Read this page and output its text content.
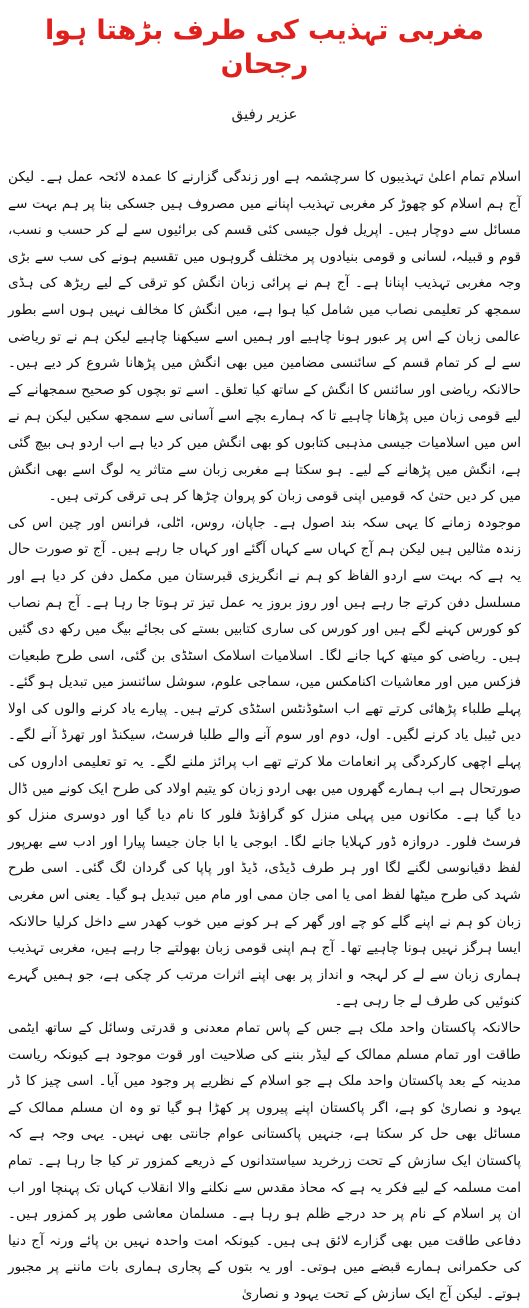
مغربی تہذیب کی طرف بڑھتا ہوا رجحان
عزیر رفیق

اسلام تمام اعلیٰ تہذیبوں کا سرچشمہ ہے اور زندگی گزارنے کا عمدہ لائحہ عمل ہے۔ لیکن آج ہم اسلام کو چھوڑ کر مغربی تہذیب اپنانے میں مصروف ہیں جسکی بنا پر ہم بہت سے مسائل سے دوچار ہیں۔ اپریل فول جیسی کئی قسم کی برائیوں سے لے کر حسب و نسب، قوم و قبیلہ، لسانی و قومی بنیادوں پر مختلف گروہوں میں تقسیم ہونے کی سب سے بڑی وجہ مغربی تہذیب اپنانا ہے۔ آج ہم نے پرائی زبان انگش کو ترقی کے لیے ریڑھ کی ہڈی سمجھ کر تعلیمی نصاب میں شامل کیا ہوا ہے، میں انگش کا مخالف نہیں ہوں اسے بطور عالمی زبان کے اس پر عبور ہونا چاہیے اور ہمیں اسے سیکھنا چاہیے لیکن ہم نے تو ریاضی سے لے کر تمام قسم کے سائنسی مضامین میں بھی انگش میں پڑھانا شروع کر دیے ہیں۔ حالانکہ ریاضی اور سائنس کا انگش کے ساتھ کیا تعلق۔ اسے تو بچوں کو صحیح سمجھانے کے لیے قومی زبان میں پڑھانا چاہیے تا کہ ہمارے بچے اسے آسانی سے سمجھ سکیں لیکن ہم نے اس میں اسلامیات جیسی مذہبی کتابوں کو بھی انگش میں کر دیا ہے اب اردو ہی بیچ گئی ہے، انگش میں پڑھانے کے لیے۔ ہو سکتا ہے مغربی زبان سے متاثر یہ لوگ اسے بھی انگش میں کر دیں حتیٰ کہ قومیں اپنی قومی زبان کو پروان چڑھا کر ہی ترقی کرتی ہیں۔

موجودہ زمانے کا یہی سکہ بند اصول ہے۔ جاپان، روس، اٹلی، فرانس اور چین اس کی زندہ مثالیں ہیں لیکن ہم آج کہاں سے کہاں آگئے اور کہاں جا رہے ہیں۔ آج تو صورت حال یہ ہے کہ بہت سے اردو الفاظ کو ہم نے انگریزی قبرستان میں مکمل دفن کر دیا ہے اور مسلسل دفن کرتے جا رہے ہیں اور روز بروز یہ عمل تیز تر ہوتا جا رہا ہے۔ آج ہم نصاب کو کورس کہنے لگے ہیں اور کورس کی ساری کتابیں بستے کی بجائے بیگ میں رکھ دی گئیں ہیں۔ ریاضی کو میتھ کہا جانے لگا۔ اسلامیات اسلامک اسٹڈی بن گئی، اسی طرح طبعیات فزکس میں اور معاشیات اکنامکس میں، سماجی علوم، سوشل سائنسز میں تبدیل ہو گئے۔ پہلے طلباء پڑھائی کرتے تھے اب اسٹوڈنٹس اسٹڈی کرتے ہیں۔ پیارے یاد کرنے والوں کی اولا دیں ٹیبل یاد کرنے لگیں۔ اول، دوم اور سوم آنے والے طلبا فرسٹ، سیکنڈ اور تھرڈ آنے لگے۔ پہلے اچھی کارکردگی پر انعامات ملا کرتے تھے اب پرائز ملنے لگے۔ یہ تو تعلیمی اداروں کی صورتحال ہے اب ہمارے گھروں میں بھی اردو زبان کو یتیم اولاد کی طرح ایک کونے میں ڈال دیا گیا ہے۔ مکانوں میں پہلی منزل کو گراؤنڈ فلور کا نام دیا گیا اور دوسری منزل کو فرسٹ فلور۔ دروازہ ڈور کہلایا جانے لگا۔ ابوجی یا ابا جان جیسا پیارا اور ادب سے بھرپور لفظ دقیانوسی لگنے لگا اور ہر طرف ڈیڈی، ڈیڈ اور پاپا کی گردان لگ گئی۔ اسی طرح شہد کی طرح میٹھا لفظ امی یا امی جان ممی اور مام میں تبدیل ہو گیا۔ یعنی اس مغربی زبان کو ہم نے اپنے گلے کو چے اور گھر کے ہر کونے میں خوب کھدر سے داخل کرلیا حالانکہ ایسا ہرگز نہیں ہونا چاہیے تھا۔ آج ہم اپنی قومی زبان بھولتے جا رہے ہیں، مغربی تہذیب ہماری زبان سے لے کر لہجہ و انداز پر بھی اپنے اثرات مرتب کر چکی ہے، جو ہمیں گہرے کنوئیں کی طرف لے جا رہی ہے۔

حالانکہ پاکستان واحد ملک ہے جس کے پاس تمام معدنی و قدرتی وسائل کے ساتھ ایٹمی طاقت اور تمام مسلم ممالک کے لیڈر بننے کی صلاحیت اور قوت موجود ہے کیونکہ ریاست مدینہ کے بعد پاکستان واحد ملک ہے جو اسلام کے نظریے پر وجود میں آیا۔ اسی چیز کا ڈر یہود و نصاریٰ کو ہے، اگر پاکستان اپنے پیروں پر کھڑا ہو گیا تو وہ ان مسلم ممالک کے مسائل بھی حل کر سکتا ہے، جنہیں پاکستانی عوام جانتی بھی نہیں۔ یہی وجہ ہے کہ پاکستان ایک سازش کے تحت زرخرید سیاستدانوں کے ذریعے کمزور تر کیا جا رہا ہے۔ تمام امت مسلمہ کے لیے فکر یہ ہے کہ محاذ مقدس سے نکلنے والا انقلاب کہاں تک پہنچا اور اب ان پر اسلام کے نام پر حد درجے ظلم ہو رہا ہے۔ مسلمان معاشی طور پر کمزور ہیں۔ دفاعی طاقت میں بھی گزارے لائق ہی ہیں۔ کیونکہ امت واحدہ نہیں بن پائے ورنہ آج دنیا کی حکمرانی ہمارے قبضے میں ہوتی۔ اور یہ بتوں کے پجاری ہماری بات ماننے پر مجبور ہوتے۔ لیکن آج ایک سازش کے تحت یہود و نصاریٰ
